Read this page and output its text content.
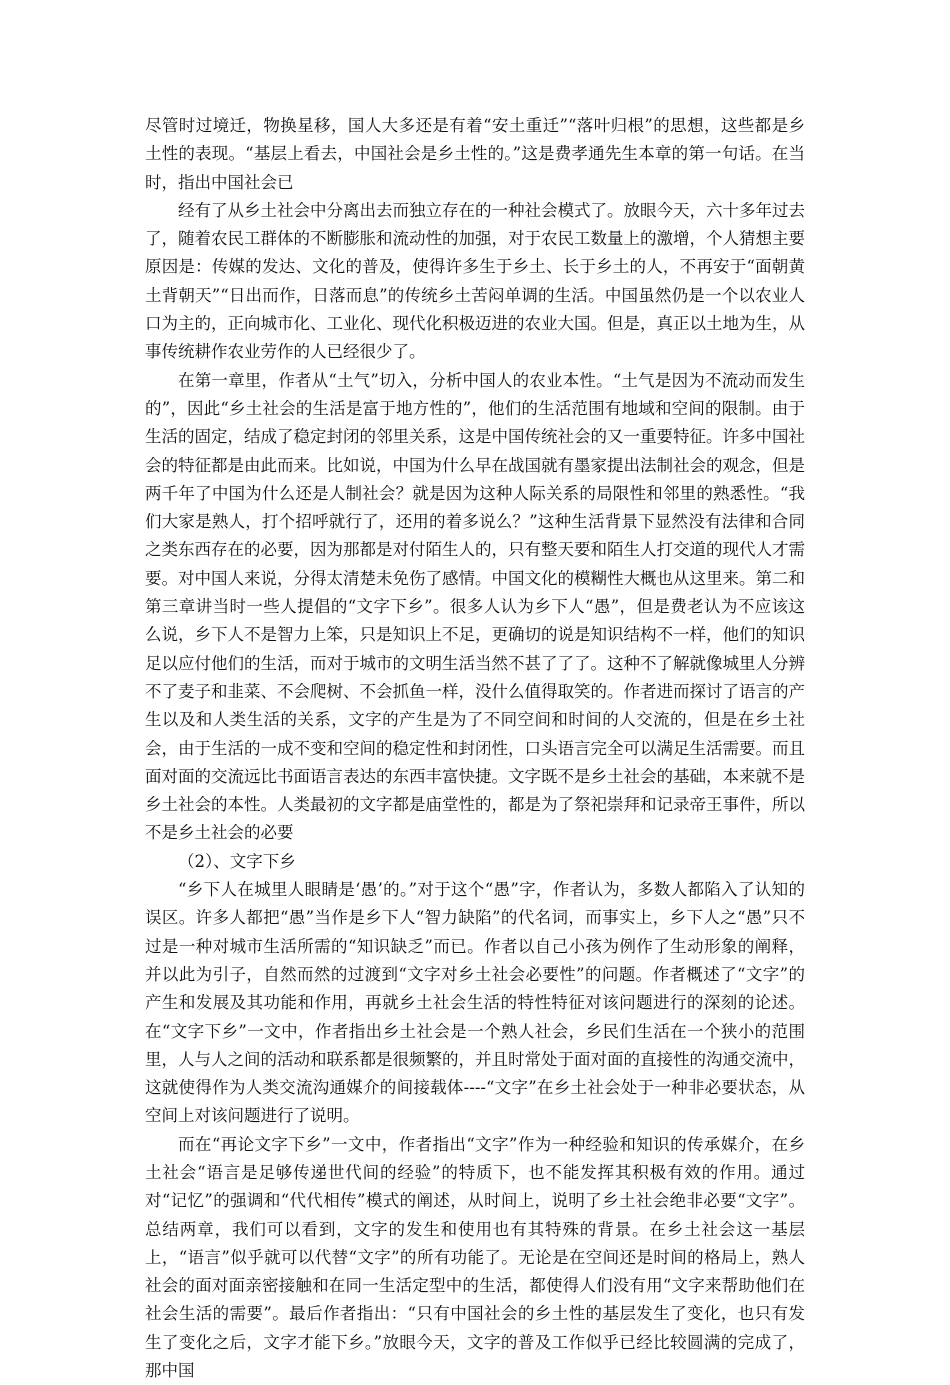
尽管时过境迁，物换星移，国人大多还是有着“安土重迁”“落叶归根”的思想，这些都是乡土性的表现。“基层上看去，中国社会是乡土性的。”这是费孝通先生本章的第一句话。在当时，指出中国社会已

经有了从乡土社会中分离出去而独立存在的一种社会模式了。放眼今天，六十多年过去了，随着农民工群体的不断膨胀和流动性的加强，对于农民工数量上的激增，个人猜想主要原因是：传媒的发达、文化的普及，使得许多生于乡土、长于乡土的人，不再安于“面朝黄土背朝天”“日出而作，日落而息”的传统乡土苦闷单调的生活。中国虽然仍是一个以农业人口为主的，正向城市化、工业化、现代化积极迈进的农业大国。但是，真正以土地为生，从事传统耕作农业劳作的人已经很少了。

在第一章里，作者从“土气”切入，分析中国人的农业本性。“土气是因为不流动而发生的”，因此“乡土社会的生活是富于地方性的”，他们的生活范围有地域和空间的限制。由于生活的固定，结成了稳定封闭的邻里关系，这是中国传统社会的又一重要特征。许多中国社会的特征都是由此而来。比如说，中国为什么早在战国就有墨家提出法制社会的观念，但是两千年了中国为什么还是人制社会？就是因为这种人际关系的局限性和邻里的熟悉性。“我们大家是熟人，打个招呼就行了，还用的着多说么？”这种生活背景下显然没有法律和合同之类东西存在的必要，因为那都是对付陌生人的，只有整天要和陌生人打交道的现代人才需要。对中国人来说，分得太清楚未免伤了感情。中国文化的模糊性大概也从这里来。第二和第三章讲当时一些人提倡的“文字下乡”。很多人认为乡下人“愚”，但是费老认为不应该这么说，乡下人不是智力上笨，只是知识上不足，更确切的说是知识结构不一样，他们的知识足以应付他们的生活，而对于城市的文明生活当然不甚了了了。这种不了解就像城里人分辨不了麦子和韭菜、不会爬树、不会抓鱼一样，没什么值得取笑的。作者进而探讨了语言的产生以及和人类生活的关系，文字的产生是为了不同空间和时间的人交流的，但是在乡土社会，由于生活的一成不变和空间的稳定性和封闭性，口头语言完全可以满足生活需要。而且面对面的交流远比书面语言表达的东西丰富快捷。文字既不是乡土社会的基础，本来就不是乡土社会的本性。人类最初的文字都是庙堂性的，都是为了祭祀崇拜和记录帝王事件，所以不是乡土社会的必要

（2）、文字下乡

“乡下人在城里人眼睛是‘愚’的。”对于这个“愚”字，作者认为，多数人都陷入了认知的误区。许多人都把“愚”当作是乡下人“智力缺陷”的代名词，而事实上，乡下人之“愚”只不过是一种对城市生活所需的“知识缺乏”而已。作者以自己小孩为例作了生动形象的阐释，并以此为引子，自然而然的过渡到“文字对乡土社会必要性”的问题。作者概述了“文字”的产生和发展及其功能和作用，再就乡土社会生活的特性特征对该问题进行的深刻的论述。在“文字下乡”一文中，作者指出乡土社会是一个熟人社会，乡民们生活在一个狭小的范围里，人与人之间的活动和联系都是很频繁的，并且时常处于面对面的直接性的沟通交流中，这就使得作为人类交流沟通媒介的间接载体----“文字”在乡土社会处于一种非必要状态，从空间上对该问题进行了说明。

而在“再论文字下乡”一文中，作者指出“文字”作为一种经验和知识的传承媒介，在乡土社会“语言是足够传递世代间的经验”的特质下，也不能发挥其积极有效的作用。通过对“记忆”的强调和“代代相传”模式的阐述，从时间上，说明了乡土社会绝非必要“文字”。总结两章，我们可以看到，文字的发生和使用也有其特殊的背景。在乡土社会这一基层上，“语言”似乎就可以代替“文字”的所有功能了。无论是在空间还是时间的格局上，熟人社会的面对面亲密接触和在同一生活定型中的生活，都使得人们没有用“文字来帮助他们在社会生活的需要”。最后作者指出：“只有中国社会的乡土性的基层发生了变化，也只有发生了变化之后，文字才能下乡。”放眼今天，文字的普及工作似乎已经比较圆满的完成了，那中国
